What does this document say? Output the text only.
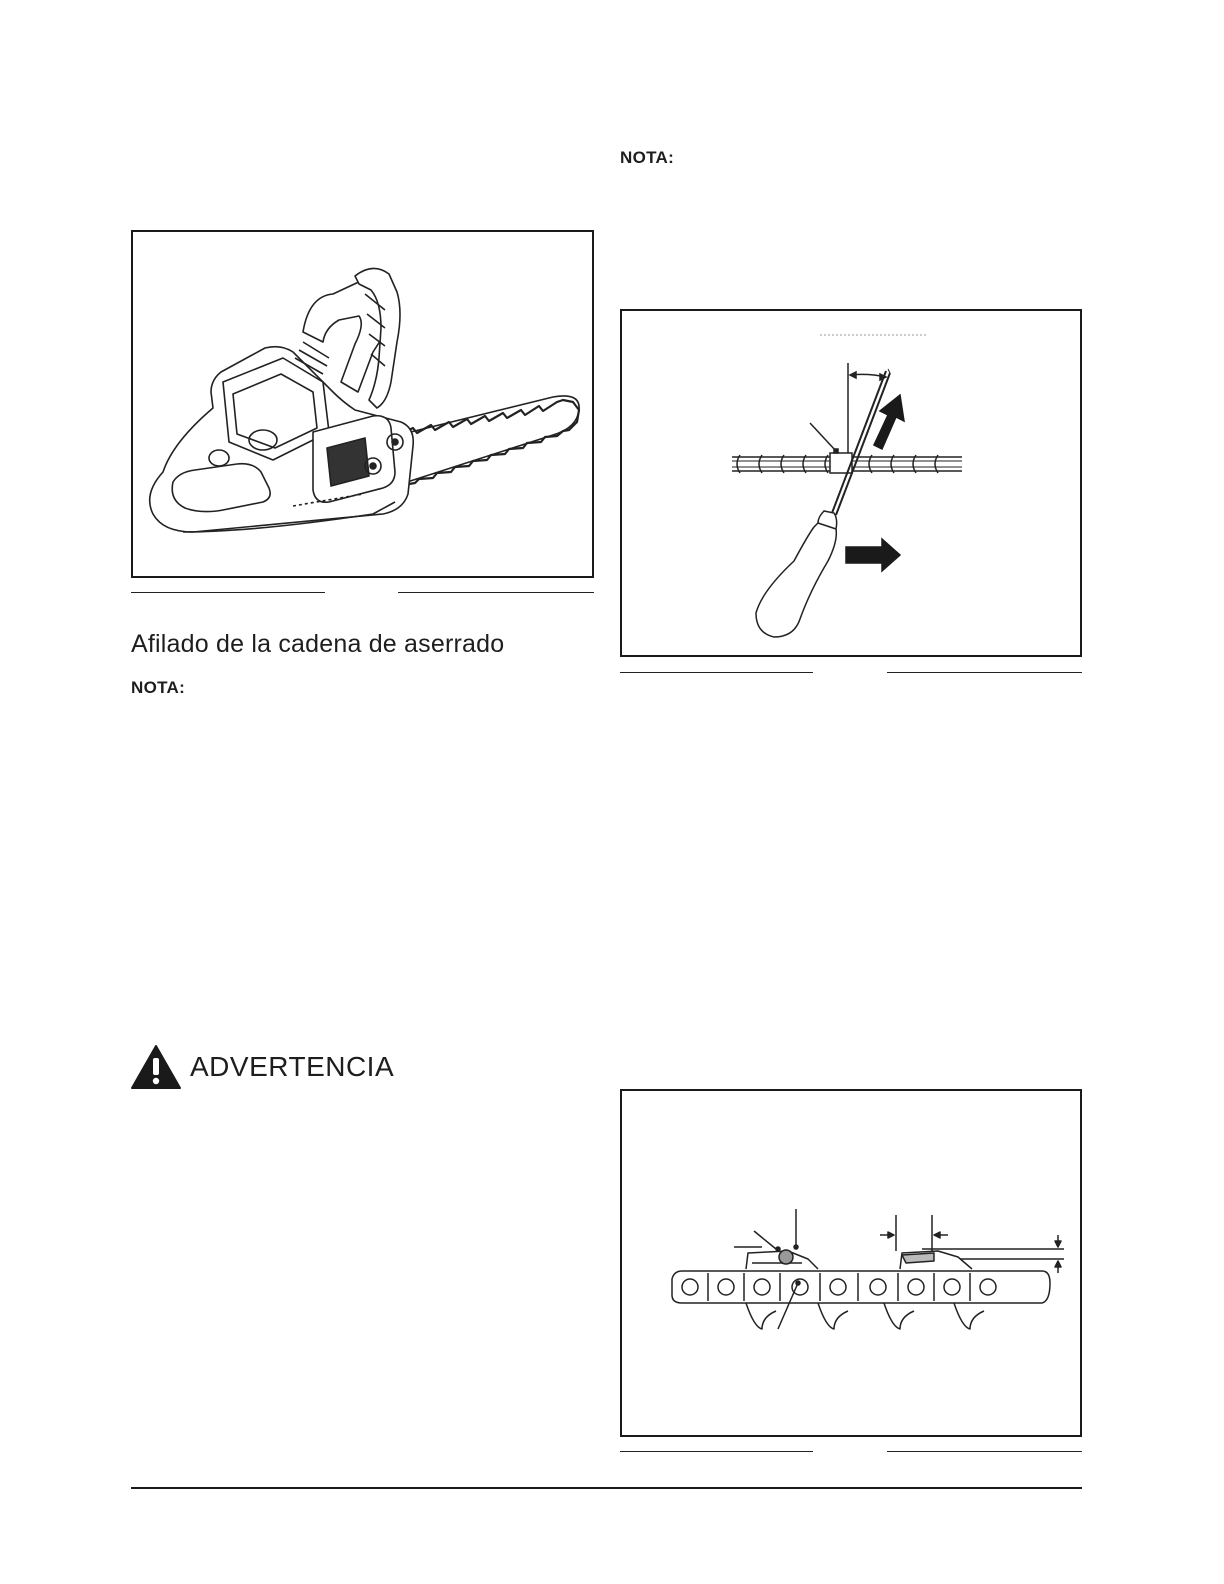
NOTA:
Afilado de la cadena de aserrado
NOTA:
ADVERTENCIA
